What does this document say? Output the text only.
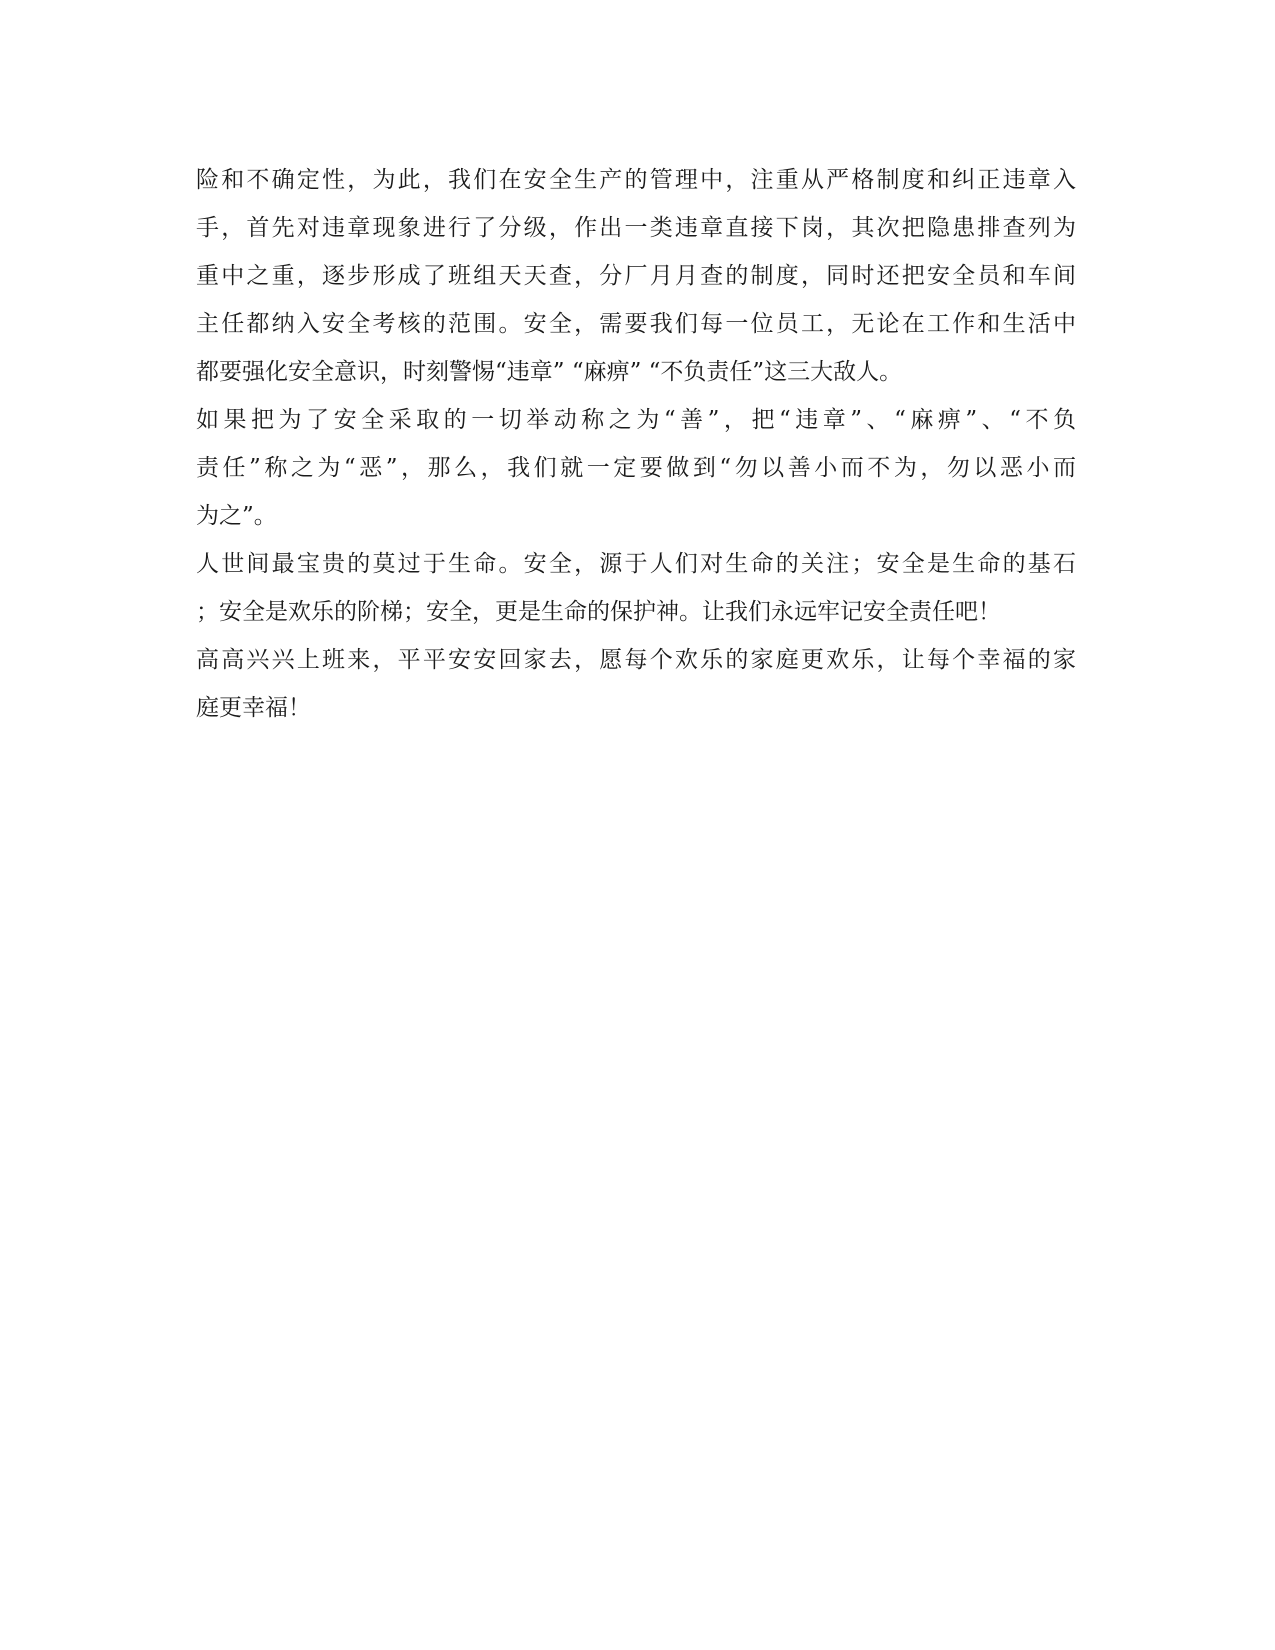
险和不确定性，为此，我们在安全生产的管理中，注重从严格制度和纠正违章入
手，首先对违章现象进行了分级，作出一类违章直接下岗，其次把隐患排查列为
重中之重，逐步形成了班组天天查，分厂月月查的制度，同时还把安全员和车间
主任都纳入安全考核的范围。安全，需要我们每一位员工，无论在工作和生活中
都要强化安全意识，时刻警惕“违章” “麻痹” “不负责任”这三大敌人。
如果把为了安全采取的一切举动称之为“善”，把“违章”、“麻痹”、“不负
责任”称之为“恶”，那么，我们就一定要做到“勿以善小而不为，勿以恶小而
为之”。
人世间最宝贵的莫过于生命。安全，源于人们对生命的关注；安全是生命的基石
；安全是欢乐的阶梯；安全，更是生命的保护神。让我们永远牢记安全责任吧！
高高兴兴上班来，平平安安回家去，愿每个欢乐的家庭更欢乐，让每个幸福的家
庭更幸福！
